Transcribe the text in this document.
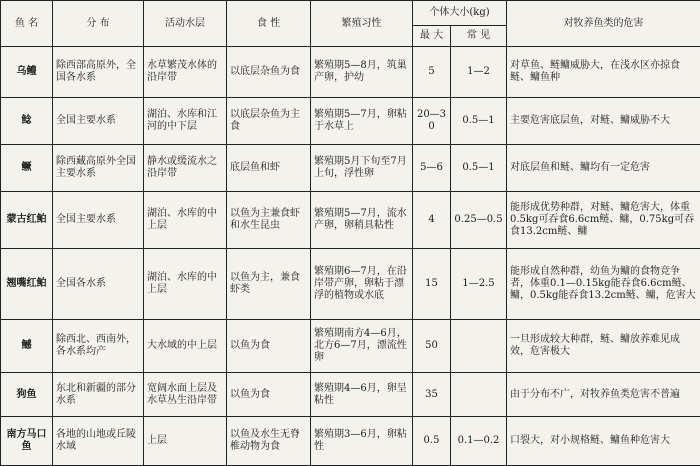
鱼 名	分 布	活动水层	食 性	繁殖习性	个体大小(kg)		对牧养鱼类的危害
					最 大	常 见	
乌鳢	除西部高原外，全国各水系	水草繁茂水体的沿岸带	以底层杂鱼为食	繁殖期5—8月，筑巢产卵，护幼	5	1—2	对草鱼、鲢鳙威胁大，在浅水区亦掠食鲢、鳙鱼种
鲶	全国主要水系	湖泊、水库和江河的中下层	以底层杂鱼为主食	繁殖期5—7月，卵粘于水草上	20—30	0.5—1	主要危害底层鱼，对鲢、鳙威胁不大
鳜	除西藏高原外全国主要水系	静水或缓流水之沿岸带	底层鱼和虾	繁殖期5月下旬至7月上旬，浮性卵	5—6	0.5—1	对底层鱼和鲢、鳙均有一定危害
蒙古红鲌	全国主要水系	湖泊、水库的中上层	以鱼为主兼食虾和水生昆虫	繁殖期5—7月，流水产卵，卵稍具粘性	4	0.25—0.5	能形成优势种群，对鲢、鳙危害大，体重0.5kg可吞食6.6cm鲢、鳙，0.75kg可吞食13.2cm鲢、鳙
翘嘴红鲌	全国各水系	湖泊、水库的中上层	以鱼为主，兼食虾类	繁殖期6—7月，在沿岸带产卵，卵粘于漂浮的植物或水底	15	1—2.5	能形成自然种群，幼鱼为鳙的食物竞争者，体重0.1—0.15kg能吞食6.6cm鲢、鳙，0.5kg能吞食13.2cm鲢、鳙，危害大
鳡	除西北、西南外，各水系均产	大水域的中上层	以鱼为食	繁殖期南方4—6月，北方6—7月，漂流性卵	50		一旦形成较大种群，鲢、鳙放养难见成效，危害极大
狗鱼	东北和新疆的部分水系	宽阔水面上层及水草丛生沿岸带	以鱼为食	繁殖期4—6月，卵呈粘性	35		由于分布不广，对牧养鱼类危害不普遍
南方马口鱼	各地的山地或丘陵水域	上层	以鱼及水生无脊椎动物为食	繁殖期3—6月，卵粘性	0.5	0.1—0.2	口裂大，对小规格鲢、鳙鱼种危害大
